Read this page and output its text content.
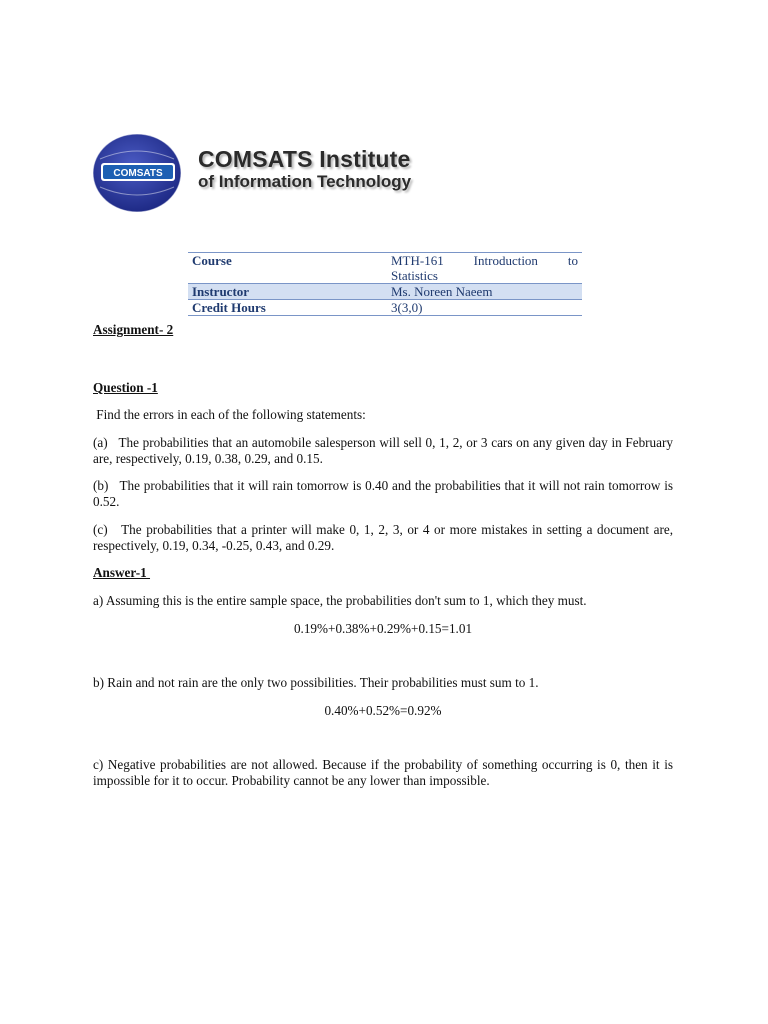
COMSATS
COMSATS Institute
of Information Technology
Course	MTH-161 Introduction to
Statistics
Instructor	Ms. Noreen Naeem
Credit Hours	3(3,0)
Assignment- 2
Question -1
Find the errors in each of the following statements:
(a)   The probabilities that an automobile salesperson will sell 0, 1, 2, or 3 cars on any given day in February are, respectively, 0.19, 0.38, 0.29, and 0.15.
(b)   The probabilities that it will rain tomorrow is 0.40 and the probabilities that it will not rain tomorrow is 0.52.
(c)   The probabilities that a printer will make 0, 1, 2, 3, or 4 or more mistakes in setting a document are, respectively, 0.19, 0.34, -0.25, 0.43, and 0.29.
Answer-1
a) Assuming this is the entire sample space, the probabilities don't sum to 1, which they must.
0.19%+0.38%+0.29%+0.15=1.01
b) Rain and not rain are the only two possibilities. Their probabilities must sum to 1.
0.40%+0.52%=0.92%
c) Negative probabilities are not allowed. Because if the probability of something occurring is 0, then it is impossible for it to occur. Probability cannot be any lower than impossible.
